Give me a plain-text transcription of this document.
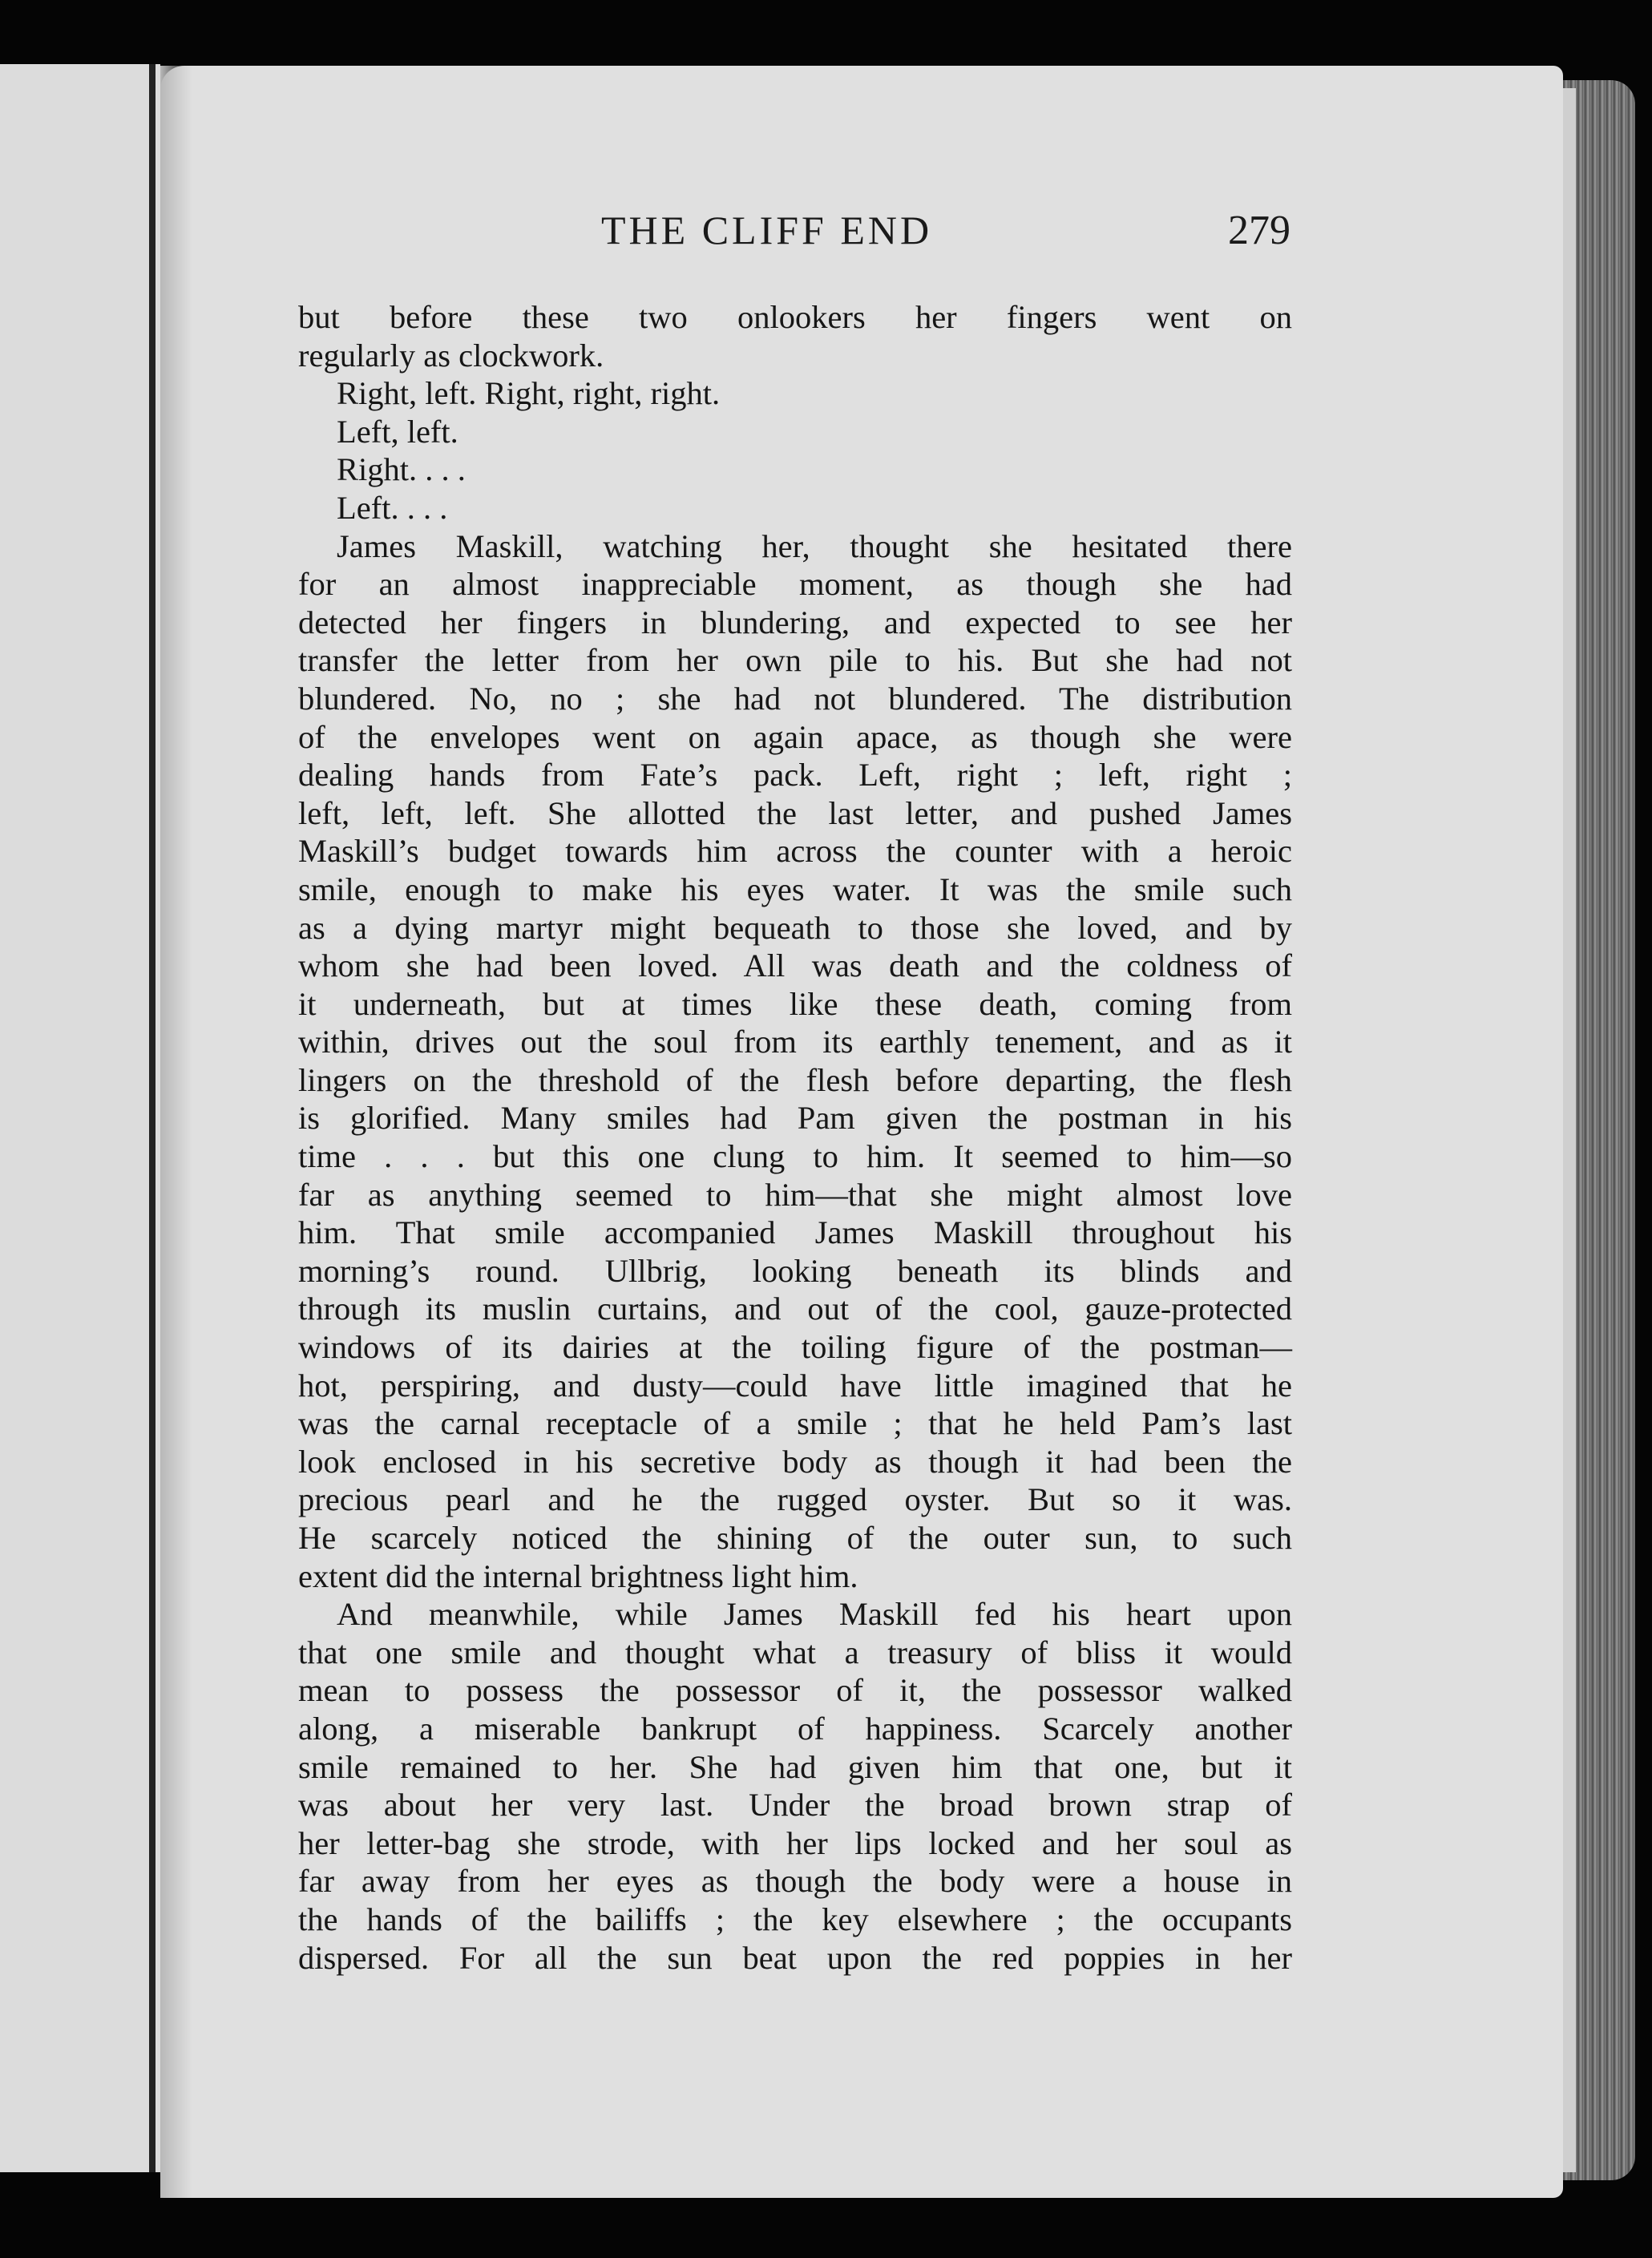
THE CLIFF END	279
but before these two onlookers her fingers went on
regularly as clockwork.
Right, left. Right, right, right.
Left, left.
Right. . . .
Left. . . .
James Maskill, watching her, thought she hesitated there
for an almost inappreciable moment, as though she had
detected her fingers in blundering, and expected to see her
transfer the letter from her own pile to his. But she had not
blundered. No, no ; she had not blundered. The distribution
of the envelopes went on again apace, as though she were
dealing hands from Fate’s pack. Left, right ; left, right ;
left, left, left. She allotted the last letter, and pushed James
Maskill’s budget towards him across the counter with a heroic
smile, enough to make his eyes water. It was the smile such
as a dying martyr might bequeath to those she loved, and by
whom she had been loved. All was death and the coldness of
it underneath, but at times like these death, coming from
within, drives out the soul from its earthly tenement, and as it
lingers on the threshold of the flesh before departing, the flesh
is glorified. Many smiles had Pam given the postman in his
time . . . but this one clung to him. It seemed to him—so
far as anything seemed to him—that she might almost love
him. That smile accompanied James Maskill throughout his
morning’s round. Ullbrig, looking beneath its blinds and
through its muslin curtains, and out of the cool, gauze-protected
windows of its dairies at the toiling figure of the postman—
hot, perspiring, and dusty—could have little imagined that he
was the carnal receptacle of a smile ; that he held Pam’s last
look enclosed in his secretive body as though it had been the
precious pearl and he the rugged oyster. But so it was.
He scarcely noticed the shining of the outer sun, to such
extent did the internal brightness light him.
And meanwhile, while James Maskill fed his heart upon
that one smile and thought what a treasury of bliss it would
mean to possess the possessor of it, the possessor walked
along, a miserable bankrupt of happiness. Scarcely another
smile remained to her. She had given him that one, but it
was about her very last. Under the broad brown strap of
her letter-bag she strode, with her lips locked and her soul as
far away from her eyes as though the body were a house in
the hands of the bailiffs ; the key elsewhere ; the occupants
dispersed. For all the sun beat upon the red poppies in her
